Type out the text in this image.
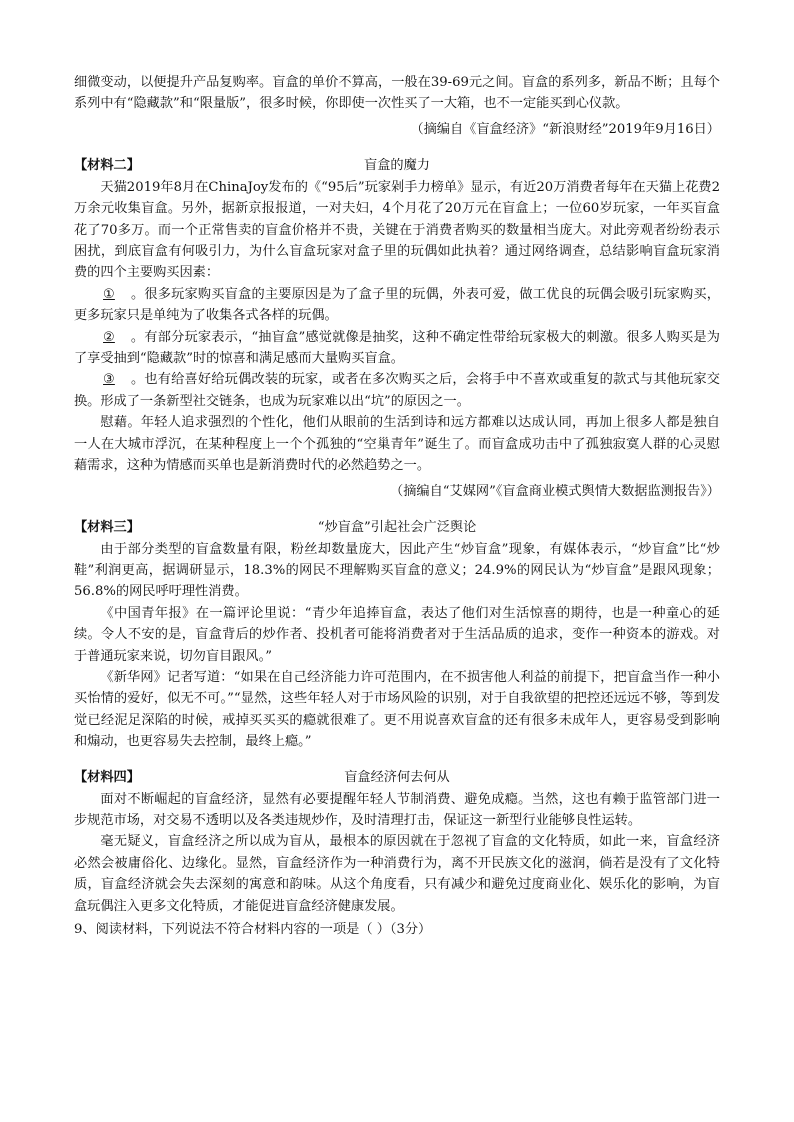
细微变动，以便提升产品复购率。盲盒的单价不算高，一般在39-69元之间。盲盒的系列多，新品不断；且每个系列中有“隐藏款”和“限量版”，很多时候，你即使一次性买了一大箱，也不一定能买到心仪款。

（摘编自《盲盒经济》“新浪财经”2019年9月16日）

【材料二】	盲盒的魔力

天猫2019年8月在ChinaJoy发布的《“95后”玩家剁手力榜单》显示，有近20万消费者每年在天猫上花费2万余元收集盲盒。另外，据新京报报道，一对夫妇，4个月花了20万元在盲盒上；一位60岁玩家，一年买盲盒花了70多万。而一个正常售卖的盲盒价格并不贵，关键在于消费者购买的数量相当庞大。对此旁观者纷纷表示困扰，到底盲盒有何吸引力，为什么盲盒玩家对盒子里的玩偶如此执着？通过网络调查，总结影响盲盒玩家消费的四个主要购买因素：

① 。很多玩家购买盲盒的主要原因是为了盒子里的玩偶，外表可爱，做工优良的玩偶会吸引玩家购买，更多玩家只是单纯为了收集各式各样的玩偶。

② 。有部分玩家表示，“抽盲盒”感觉就像是抽奖，这种不确定性带给玩家极大的刺激。很多人购买是为了享受抽到“隐藏款”时的惊喜和满足感而大量购买盲盒。

③ 。也有给喜好给玩偶改装的玩家，或者在多次购买之后，会将手中不喜欢或重复的款式与其他玩家交换。形成了一条新型社交链条，也成为玩家难以出“坑”的原因之一。

慰藉。年轻人追求强烈的个性化，他们从眼前的生活到诗和远方都难以达成认同，再加上很多人都是独自一人在大城市浮沉，在某种程度上一个个孤独的“空巢青年”诞生了。而盲盒成功击中了孤独寂寞人群的心灵慰藉需求，这种为情感而买单也是新消费时代的必然趋势之一。

（摘编自“艾媒网”《盲盒商业模式舆情大数据监测报告》）

【材料三】	“炒盲盒”引起社会广泛舆论

由于部分类型的盲盒数量有限，粉丝却数量庞大，因此产生“炒盲盒”现象，有媒体表示，“炒盲盒”比“炒鞋”利润更高，据调研显示，18.3%的网民不理解购买盲盒的意义；24.9%的网民认为“炒盲盒”是跟风现象；56.8%的网民呼吁理性消费。

《中国青年报》在一篇评论里说：“青少年追捧盲盒，表达了他们对生活惊喜的期待，也是一种童心的延续。令人不安的是，盲盒背后的炒作者、投机者可能将消费者对于生活品质的追求，变作一种资本的游戏。对于普通玩家来说，切勿盲目跟风。”

《新华网》记者写道：“如果在自己经济能力许可范围内，在不损害他人利益的前提下，把盲盒当作一种小买怡情的爱好，似无不可。”“显然，这些年轻人对于市场风险的识别，对于自我欲望的把控还远远不够，等到发觉已经泥足深陷的时候，戒掉买买买的瘾就很难了。更不用说喜欢盲盒的还有很多未成年人，更容易受到影响和煽动，也更容易失去控制，最终上瘾。”

【材料四】	盲盒经济何去何从

面对不断崛起的盲盒经济，显然有必要提醒年轻人节制消费、避免成瘾。当然，这也有赖于监管部门进一步规范市场，对交易不透明以及各类违规炒作，及时清理打击，保证这一新型行业能够良性运转。

毫无疑义，盲盒经济之所以成为盲从，最根本的原因就在于忽视了盲盒的文化特质，如此一来，盲盒经济必然会被庸俗化、边缘化。显然，盲盒经济作为一种消费行为，离不开民族文化的滋润，倘若是没有了文化特质，盲盒经济就会失去深刻的寓意和韵味。从这个角度看，只有减少和避免过度商业化、娱乐化的影响，为盲盒玩偶注入更多文化特质，才能促进盲盒经济健康发展。

9、阅读材料，下列说法不符合材料内容的一项是（ ）（3分）
